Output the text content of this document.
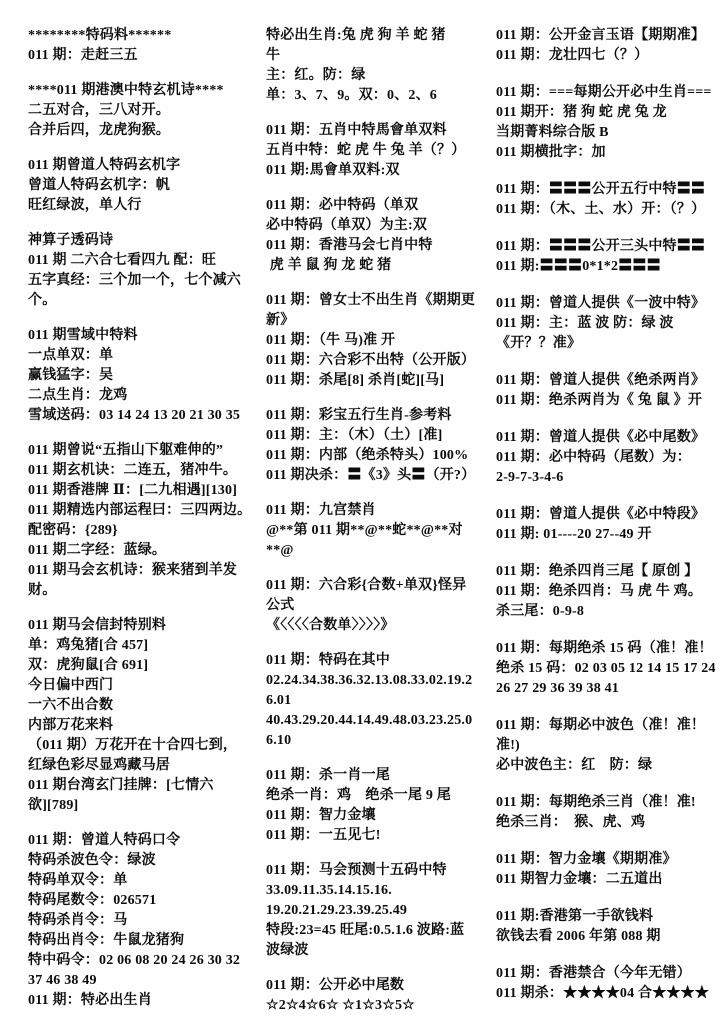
********特码料******
011 期：走赶三五
****011 期港澳中特玄机诗****
二五对合，三八对开。
合并后四，龙虎狗猴。
011 期曾道人特码玄机字
曾道人特码玄机字：帆
旺红绿波，单人行
神算子透码诗
011 期 二六合七看四九 配：旺
五字真经：三个加一个，七个减六
个。
011 期雪域中特料
一点单双：单
赢钱猛字：吴
二点生肖：龙鸡
雪域送码：03 14 24 13 20 21 30 35
011 期曾说“五指山下躯难伸的”
011 期玄机诀：二连五，猪冲牛。
011 期香港牌 Ⅱ：[二九相遇][130]
011 期精选内部运程曰：三四两边。
配密码：{289}
011 期二字经：蓝绿。
011 期马会玄机诗：猴来猪到羊发
财。
011 期马会信封特别料
单：鸡兔猪[合 457]
双：虎狗鼠[合 691]
今日偏中西门
一六不出合数
内部万花来料
（011 期）万花开在十合四七到，
红绿色彩尽显鸡藏马居
011 期台湾玄门挂牌：[七情六
欲][789]
011 期：曾道人特码口令
特码杀波色令：绿波
特码单双令：单
特码尾数令：026571
特码杀肖令：马
特码出肖令：牛鼠龙猪狗
特中码令：02 06 08 20 24 26 30 32
37 46 38 49
011 期：特必出生肖
特必出生肖:兔 虎 狗 羊 蛇 猪
牛
主：红。防：绿
单：3、7、9。双：0、2、6
011 期：五肖中特馬會单双料
五肖中特：蛇 虎 牛 兔 羊（？）
011 期:馬會单双料:双
011 期：必中特码（单双
必中特码（单双）为主:双
011 期：香港马会七肖中特
虎 羊 鼠 狗 龙 蛇 猪
011 期：曾女士不出生肖《期期更
新》
011 期：（牛 马)准 开
011 期：六合彩不出特（公开版）
011 期：杀尾[8] 杀肖[蛇][马]
011 期：彩宝五行生肖-参考料
011 期：主：（木）（土）[准]
011 期：内部（绝杀特头）100%
011 期决杀：〓《3》头〓（开?）
011 期：九宫禁肖
@**第 011 期**@**蛇**@**对
**@
011 期：六合彩{合数+单双}怪异
公式
《〈〈〈〈合数单〉〉〉〉》
011 期：特码在其中
02.24.34.38.36.32.13.08.33.02.19.2
6.01
40.43.29.20.44.14.49.48.03.23.25.0
6.10
011 期：杀一肖一尾
绝杀一肖：鸡　绝杀一尾 9 尾
011 期：智力金壤
011 期：一五见七!
011 期：马会预测十五码中特
33.09.11.35.14.15.16.
19.20.21.29.23.39.25.49
特段:23=45 旺尾:0.5.1.6 波路:蓝
波绿波
011 期：公开必中尾数
☆2☆4☆6☆ ☆1☆3☆5☆
011 期：公开金言玉语【期期准】
011 期：龙壮四七（？）
011 期：===每期公开必中生肖===
011 期开：猪 狗 蛇 虎 兔 龙
当期菁料综合版 B
011 期横批字：加
011 期：〓〓〓公开五行中特〓〓
011 期：（木、土、水）开：（？）
011 期：〓〓〓公开三头中特〓〓
011 期:〓〓〓0*1*2〓〓〓
011 期：曾道人提供《一波中特》
011 期：主：蓝 波 防：绿 波
《开？？准》
011 期：曾道人提供《绝杀两肖》
011 期：绝杀两肖为《 兔 鼠 》开
011 期：曾道人提供《必中尾数》
011 期：必中特码（尾数）为：
2-9-7-3-4-6
011 期：曾道人提供《必中特段》
011 期: 01----20 27--49 开
011 期：绝杀四肖三尾【 原创 】
011 期：绝杀四肖：马 虎 牛 鸡。
杀三尾：0-9-8
011 期：每期绝杀 15 码（准！准！
绝杀 15 码：02 03 05 12 14 15 17 24
26 27 29 36 39 38 41
011 期：每期必中波色（准！准！
准!)
必中波色主：红　防：绿
011 期：每期绝杀三肖（准！准!
绝杀三肖：　猴、虎、鸡
011 期：智力金壤《期期准》
011 期智力金壤：二五道出
011 期:香港第一手欲钱料
欲钱去看 2006 年第 088 期
011 期：香港禁合（今年无错）
011 期杀：★★★★04 合★★★★
